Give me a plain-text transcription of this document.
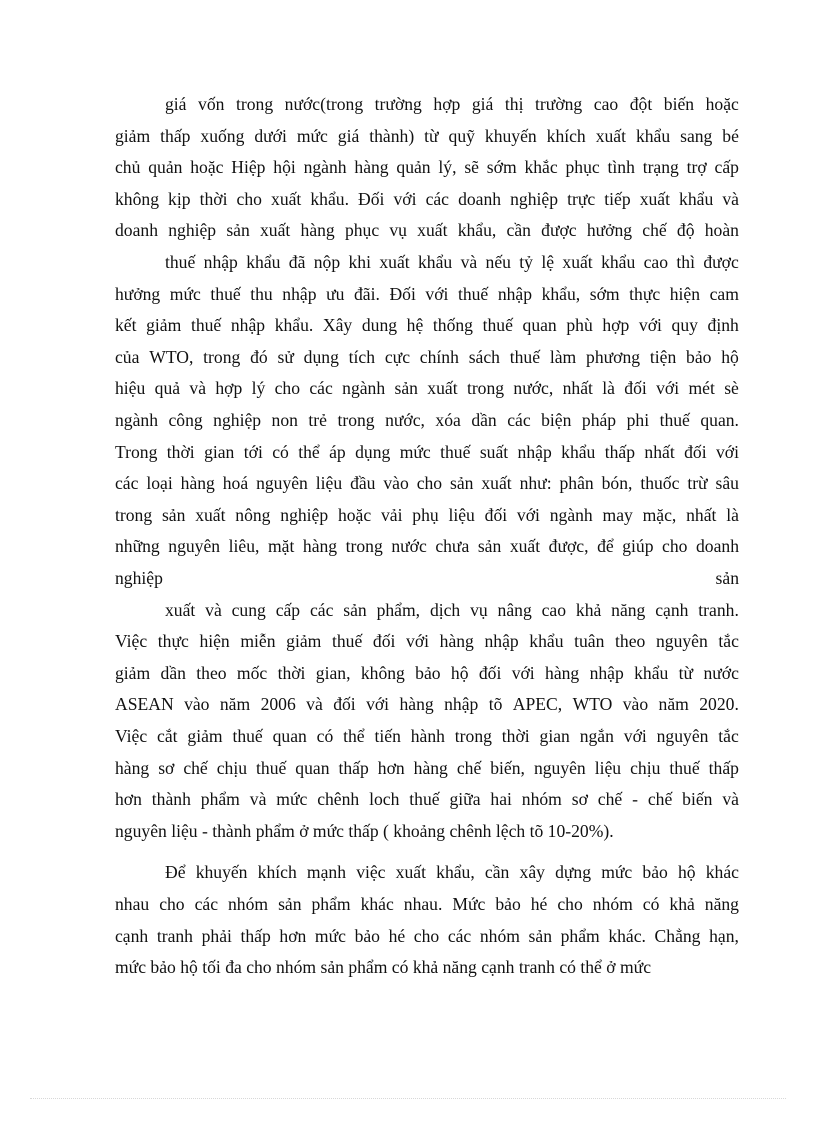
giá vốn trong nước(trong trường hợp giá thị trường cao đột biến hoặc
giảm thấp xuống dưới mức giá thành) từ quỹ khuyến khích xuất khẩu sang bé
chủ quản hoặc Hiệp hội ngành hàng quản lý, sẽ sớm khắc phục tình trạng trợ cấp
không kịp thời cho xuất khẩu. Đối với các doanh nghiệp trực tiếp xuất khẩu và
doanh nghiệp sản xuất hàng phục vụ xuất khẩu, cần được hưởng chế độ hoàn
thuế nhập khẩu đã nộp khi xuất khẩu và nếu tỷ lệ xuất khẩu cao thì được
hưởng mức thuế thu nhập ưu đãi. Đối với thuế nhập khẩu, sớm thực hiện cam
kết giảm thuế nhập khẩu. Xây dung hệ thống thuế quan phù hợp với quy định
của WTO, trong đó sử dụng tích cực chính sách thuế làm phương tiện bảo hộ
hiệu quả và hợp lý cho các ngành sản xuất trong nước, nhất là đối với mét sè
ngành công nghiệp non trẻ trong nước, xóa dần các biện pháp phi thuế quan.
Trong thời gian tới có thể áp dụng mức thuế suất nhập khẩu thấp nhất đối với
các loại hàng hoá nguyên liệu đầu vào cho sản xuất như: phân bón, thuốc trừ sâu
trong sản xuất nông nghiệp hoặc vải phụ liệu đối với ngành may mặc, nhất là
những nguyên liêu, mặt hàng trong nước chưa sản xuất được, để giúp cho doanh
nghiệp	sản
xuất và cung cấp các sản phẩm, dịch vụ nâng cao khả năng cạnh tranh.
Việc thực hiện miễn giảm thuế đối với hàng nhập khẩu tuân theo nguyên tắc
giảm dần theo mốc thời gian, không bảo hộ đối với hàng nhập khẩu từ nước
ASEAN vào năm 2006 và đối với hàng nhập tõ APEC, WTO vào năm 2020.
Việc cắt giảm thuế quan có thể tiến hành trong thời gian ngắn với nguyên tắc
hàng sơ chế chịu thuế quan thấp hơn hàng chế biến, nguyên liệu chịu thuế thấp
hơn thành phẩm và mức chênh loch thuế giữa hai nhóm sơ chế - chế biến và
nguyên liệu - thành phẩm ở mức thấp ( khoảng chênh lệch tõ 10-20%).
Để khuyến khích mạnh việc xuất khẩu, cần xây dựng mức bảo hộ khác
nhau cho các nhóm sản phẩm khác nhau. Mức bảo hé cho nhóm có khả năng
cạnh tranh phải thấp hơn mức bảo hé cho các nhóm sản phẩm khác. Chẳng hạn,
mức bảo hộ tối đa cho nhóm sản phẩm có khả năng cạnh tranh có thể ở mức
